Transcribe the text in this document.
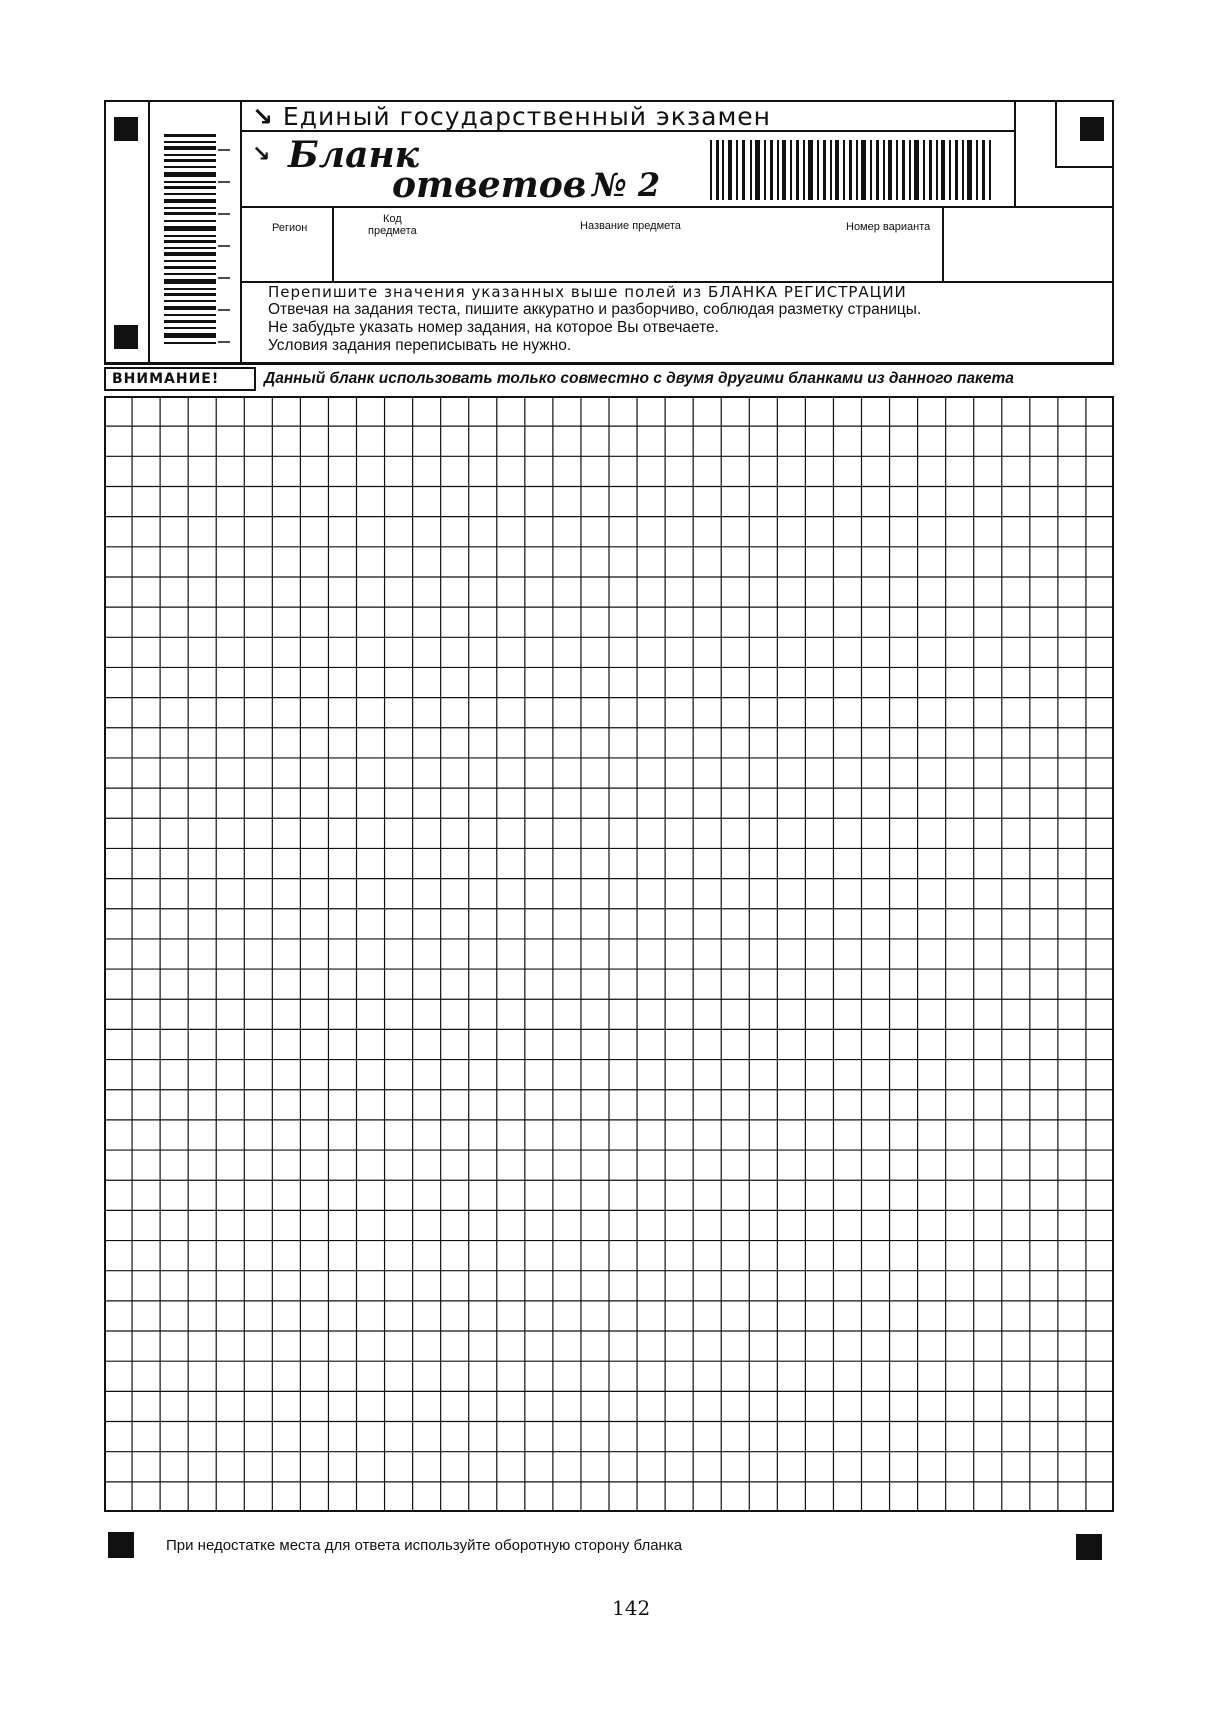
↘ Единый государственный экзамен
↘ Бланк
ответов № 2
Регион
Код
предмета	Название предмета	Номер варианта
Перепишите значения указанных выше полей из БЛАНКА РЕГИСТРАЦИИ
Отвечая на задания теста, пишите аккуратно и разборчиво, соблюдая разметку страницы.
Не забудьте указать номер задания, на которое Вы отвечаете.
Условия задания переписывать не нужно.
ВНИМАНИЕ!	Данный бланк использовать только совместно с двумя другими бланками из данного пакета
При недостатке места для ответа используйте оборотную сторону бланка
142
